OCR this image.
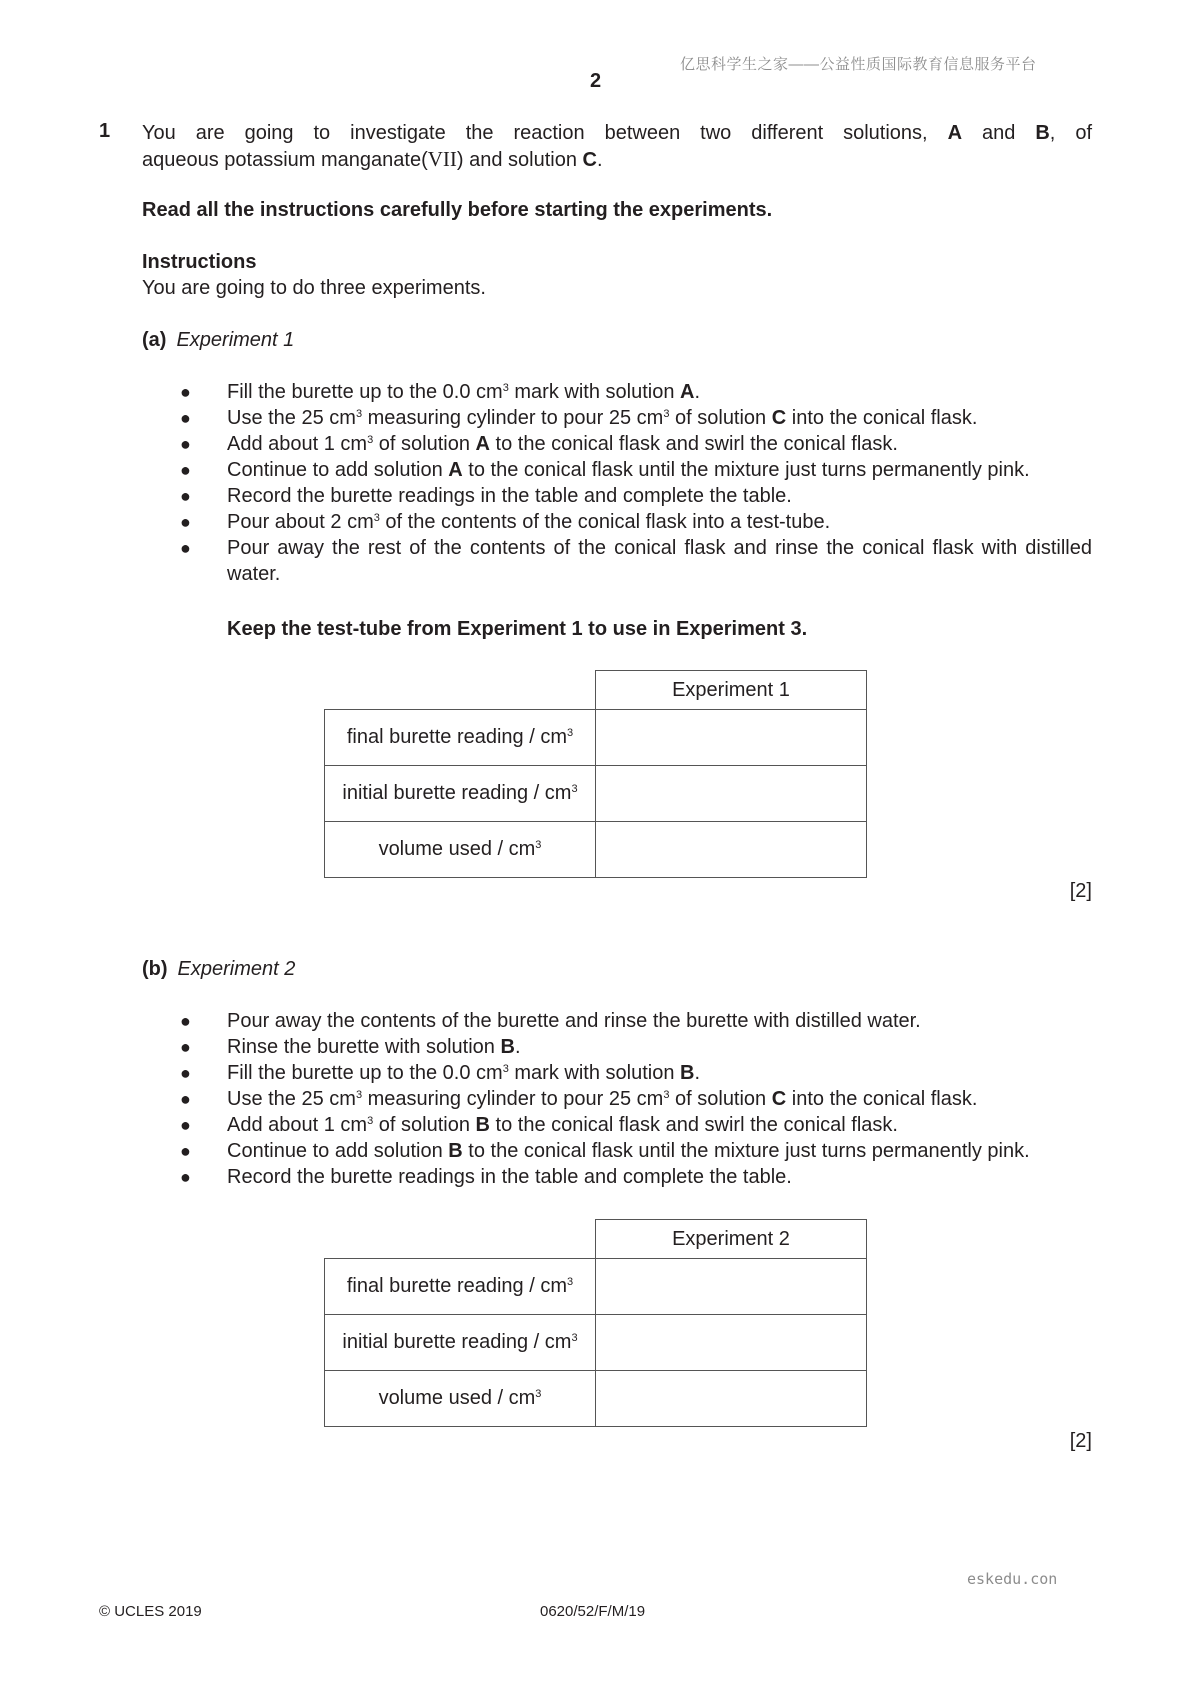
亿思科学生之家——公益性质国际教育信息服务平台
2
1 You are going to investigate the reaction between two different solutions, A and B, of
aqueous potassium manganate(VII) and solution C.
Read all the instructions carefully before starting the experiments.
Instructions
You are going to do three experiments.
(a) Experiment 1
● Fill the burette up to the 0.0 $cm^3$ mark with solution A.
● Use the 25 $cm^3$ measuring cylinder to pour 25 $cm^3$ of solution C into the conical flask.
● Add about 1 $cm^3$ of solution A to the conical flask and swirl the conical flask.
● Continue to add solution A to the conical flask until the mixture just turns permanently pink.
● Record the burette readings in the table and complete the table.
● Pour about 2 $cm^3$ of the contents of the conical flask into a test-tube.
● Pour away the rest of the contents of the conical flask and rinse the conical flask with distilled water.
Keep the test-tube from Experiment 1 to use in Experiment 3.
	Experiment 1
final burette reading / $cm^3$	
initial burette reading / $cm^3$	
volume used / $cm^3$	
[2]
(b) Experiment 2
● Pour away the contents of the burette and rinse the burette with distilled water.
● Rinse the burette with solution B.
● Fill the burette up to the 0.0 $cm^3$ mark with solution B.
● Use the 25 $cm^3$ measuring cylinder to pour 25 $cm^3$ of solution C into the conical flask.
● Add about 1 $cm^3$ of solution B to the conical flask and swirl the conical flask.
● Continue to add solution B to the conical flask until the mixture just turns permanently pink.
● Record the burette readings in the table and complete the table.
	Experiment 2
final burette reading / $cm^3$	
initial burette reading / $cm^3$	
volume used / $cm^3$	
[2]
eskedu.con
© UCLES 2019	0620/52/F/M/19
